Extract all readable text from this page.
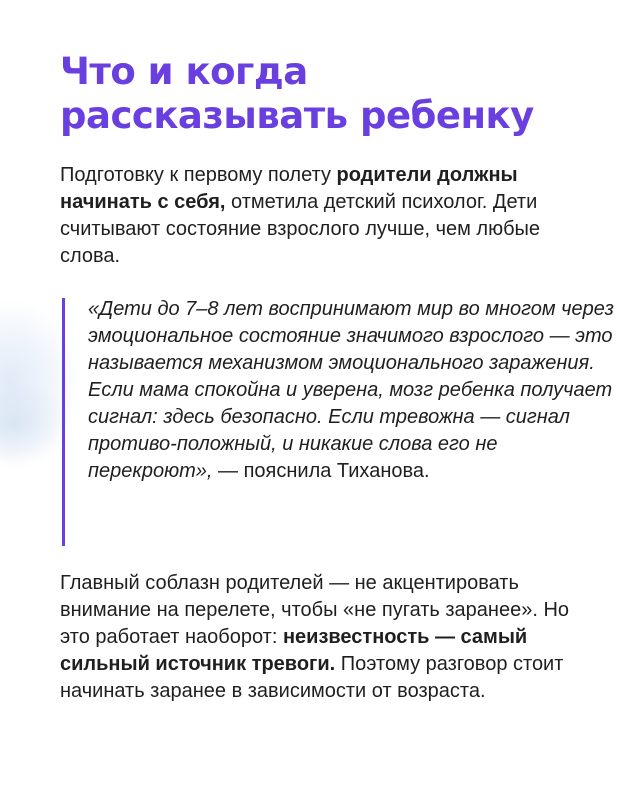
Что и когда
рассказывать ребенку

Подготовку к первому полету родители должны начинать с себя, отметила детский психолог. Дети считывают состояние взрослого лучше, чем любые слова.

«Дети до 7–8 лет воспринимают мир во многом через эмоциональное состояние значимого взрослого — это называется механизмом эмоционального заражения. Если мама спокойна и уверена, мозг ребенка получает сигнал: здесь безопасно. Если тревожна — сигнал противо-положный, и никакие слова его не перекроют», — пояснила Тиханова.

Главный соблазн родителей — не акцентировать внимание на перелете, чтобы «не пугать заранее». Но это работает наоборот: неизвестность — самый сильный источник тревоги. Поэтому разговор стоит начинать заранее в зависимости от возраста.
